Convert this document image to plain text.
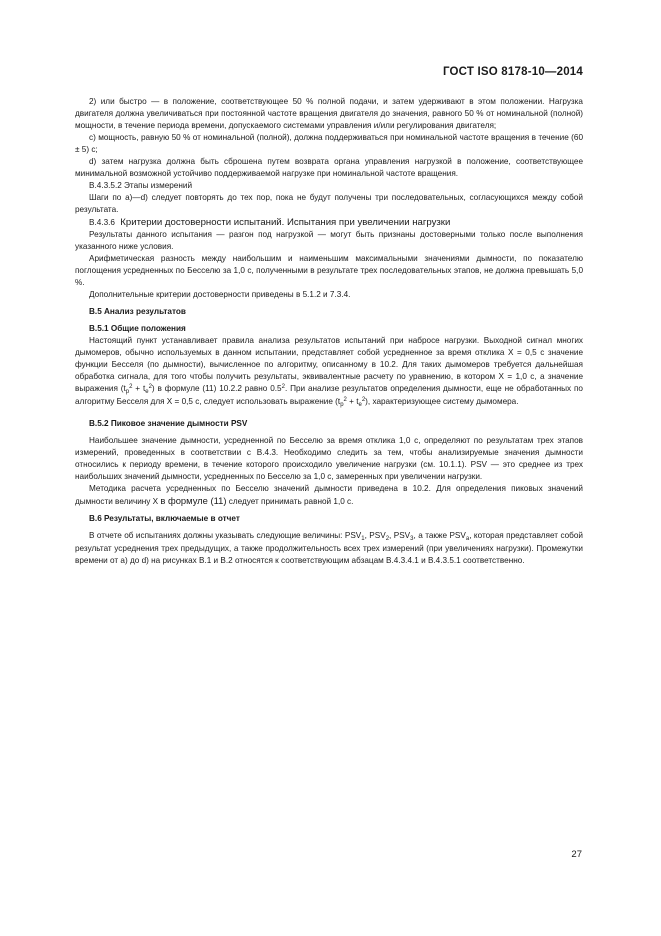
ГОСТ ISO 8178-10—2014

2) или быстро — в положение, соответствующее 50 % полной подачи, и затем удерживают в этом положении. Нагрузка двигателя должна увеличиваться при постоянной частоте вращения двигателя до значения, равного 50 % от номинальной (полной) мощности, в течение периода времени, допускаемого системами управления и/или регулирования двигателя;

с) мощность, равную 50 % от номинальной (полной), должна поддерживаться при номинальной частоте вращения в течение (60 ± 5) с;

d) затем нагрузка должна быть сброшена путем возврата органа управления нагрузкой в положение, соответствующее минимальной возможной устойчиво поддерживаемой нагрузке при номинальной частоте вращения.

В.4.3.5.2 Этапы измерений

Шаги по а)—d) следует повторять до тех пор, пока не будут получены три последовательных, согласующихся между собой результата.

В.4.3.6 Критерии достоверности испытаний. Испытания при увеличении нагрузки

Результаты данного испытания — разгон под нагрузкой — могут быть признаны достоверными только после выполнения указанного ниже условия.

Арифметическая разность между наибольшим и наименьшим максимальными значениями дымности, по показателю поглощения усредненных по Бесселю за 1,0 с, полученными в результате трех последовательных этапов, не должна превышать 5,0 %.

Дополнительные критерии достоверности приведены в 5.1.2 и 7.3.4.

В.5 Анализ результатов

В.5.1 Общие положения

Настоящий пункт устанавливает правила анализа результатов испытаний при набросе нагрузки. Выходной сигнал многих дымомеров, обычно используемых в данном испытании, представляет собой усредненное за время отклика X = 0,5 с значение функции Бесселя (по дымности), вычисленное по алгоритму, описанному в 10.2. Для таких дымомеров требуется дальнейшая обработка сигнала, для того чтобы получить результаты, эквивалентные расчету по уравнению, в котором X = 1,0 с, а значение выражения $(t_p^2 + t_e^2)$ в формуле (11) 10.2.2 равно $0.5^2$. При анализе результатов определения дымности, еще не обработанных по алгоритму Бесселя для X = 0,5 с, следует использовать выражение $(t_p^2 + t_e^2)$, характеризующее систему дымомера.

В.5.2 Пиковое значение дымности PSV

Наибольшее значение дымности, усредненной по Бесселю за время отклика 1,0 с, определяют по результатам трех этапов измерений, проведенных в соответствии с В.4.3. Необходимо следить за тем, чтобы анализируемые значения дымности относились к периоду времени, в течение которого происходило увеличение нагрузки (см. 10.1.1). PSV — это среднее из трех наибольших значений дымности, усредненных по Бесселю за 1,0 с, замеренных при увеличении нагрузки.

Методика расчета усредненных по Бесселю значений дымности приведена в 10.2. Для определения пиковых значений дымности величину X в формуле (11) следует принимать равной 1,0 с.

В.6 Результаты, включаемые в отчет

В отчете об испытаниях должны указывать следующие величины: $PSV_1$, $PSV_2$, $PSV_3$, а также $PSV_a$, которая представляет собой результат усреднения трех предыдущих, а также продолжительность всех трех измерений (при увеличениях нагрузки). Промежутки времени от а) до d) на рисунках В.1 и В.2 относятся к соответствующим абзацам В.4.3.4.1 и В.4.3.5.1 соответственно.

27
